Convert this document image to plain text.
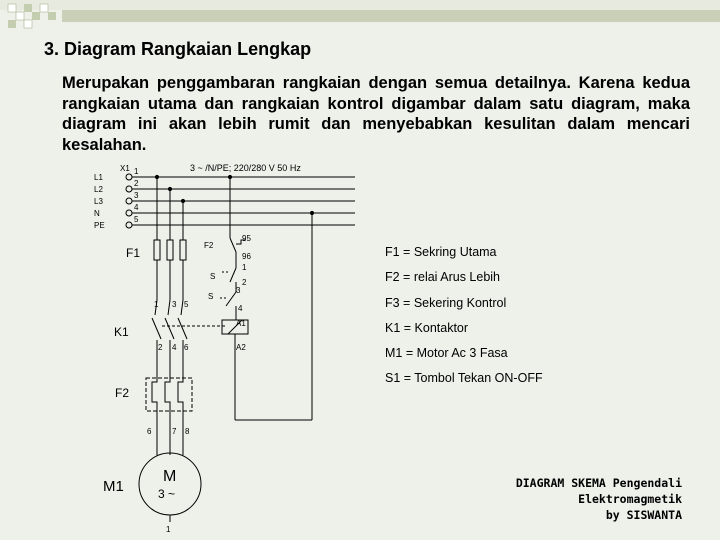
3. Diagram Rangkaian Lengkap
Merupakan penggambaran rangkaian dengan semua detailnya. Karena kedua rangkaian utama dan rangkaian kontrol digambar dalam satu diagram, maka diagram ini akan lebih rumit dan menyebabkan kesulitan dalam mencari kesalahan.
3 ~ /N/PE; 220/280 V 50 Hz
X1
L1
L2
L3
N
PE
1
2
3
4
5
F1
1 3 5
K1
2 4 6
F2
6	7 8
M1
M
3 ~
1
F2
95
96
S
1
2
3
S
4
A1
A2
F1 = Sekring Utama
F2 = relai Arus Lebih
F3 = Sekering Kontrol
K1 = Kontaktor
M1 = Motor Ac 3 Fasa
S1 = Tombol Tekan ON-OFF
DIAGRAM SKEMA Pengendali
Elektromagmetik
by SISWANTA
